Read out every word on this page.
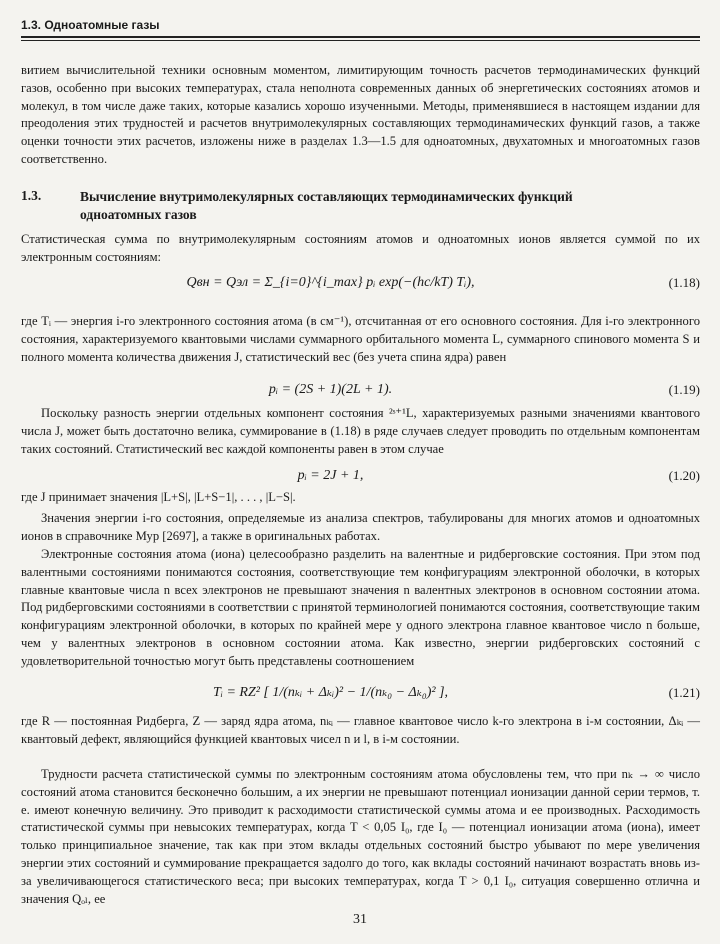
1.3. Одноатомные газы

витием вычислительной техники основным моментом, лимитирующим точность расчетов термодинамических функций газов, особенно при высоких температурах, стала неполнота современных данных об энергетических состояниях атомов и молекул, в том числе даже таких, которые казались хорошо изученными. Методы, применявшиеся в настоящем издании для преодоления этих трудностей и расчетов внутримолекулярных составляющих термодинамических функций газов, а также оценки точности этих расчетов, изложены ниже в разделах 1.3—1.5 для одноатомных, двухатомных и многоатомных газов соответственно.

1.3.	Вычисление внутримолекулярных составляющих термодинамических функций одноатомных газов

Статистическая сумма по внутримолекулярным состояниям атомов и одноатомных ионов является суммой по их электронным состояниям:

Qвн = Qэл = Σ_{i=0}^{i_max} pᵢ exp(−(hc/kT) Tᵢ),	(1.18)

где Tᵢ — энергия i-го электронного состояния атома (в см⁻¹), отсчитанная от его основного состояния. Для i-го электронного состояния, характеризуемого квантовыми числами суммарного орбитального момента L, суммарного спинового момента S и полного момента количества движения J, статистический вес (без учета спина ядра) равен

pᵢ = (2S + 1)(2L + 1).	(1.19)

Поскольку разность энергии отдельных компонент состояния ²ˢ⁺¹L, характеризуемых разными значениями квантового числа J, может быть достаточно велика, суммирование в (1.18) в ряде случаев следует проводить по отдельным компонентам таких состояний. Статистический вес каждой компоненты равен в этом случае

pᵢ = 2J + 1,	(1.20)

где J принимает значения |L+S|, |L+S−1|, . . . , |L−S|.

Значения энергии i-го состояния, определяемые из анализа спектров, табулированы для многих атомов и одноатомных ионов в справочнике Мур [2697], а также в оригинальных работах.

Электронные состояния атома (иона) целесообразно разделить на валентные и ридберговские состояния. При этом под валентными состояниями понимаются состояния, соответствующие тем конфигурациям электронной оболочки, в которых главные квантовые числа n всех электронов не превышают значения n валентных электронов в основном состоянии атома. Под ридберговскими состояниями в соответствии с принятой терминологией понимаются состояния, соответствующие таким конфигурациям электронной оболочки, в которых по крайней мере у одного электрона главное квантовое число n больше, чем у валентных электронов в основном состоянии атома. Как известно, энергии ридберговских состояний с удовлетворительной точностью могут быть представлены соотношением

Tᵢ = RZ² [ 1/(nₖᵢ + Δₖᵢ)² − 1/(nₖ₀ − Δₖ₀)² ],	(1.21)

где R — постоянная Ридберга, Z — заряд ядра атома, nₖᵢ — главное квантовое число k-го электрона в i-м состоянии, Δₖᵢ — квантовый дефект, являющийся функцией квантовых чисел n и l, в i-м состоянии.

Трудности расчета статистической суммы по электронным состояниям атома обусловлены тем, что при nₖ → ∞ число состояний атома становится бесконечно большим, а их энергии не превышают потенциал ионизации данной серии термов, т. е. имеют конечную величину. Это приводит к расходимости статистической суммы атома и ее производных. Расходимость статистической суммы при невысоких температурах, когда T < 0,05 I₀, где I₀ — потенциал ионизации атома (иона), имеет только принципиальное значение, так как при этом вклады отдельных состояний быстро убывают по мере увеличения энергии этих состояний и суммирование прекращается задолго до того, как вклады состояний начинают возрастать вновь из-за увеличивающегося статистического веса; при высоких температурах, когда T > 0,1 I₀, ситуация совершенно отлична и значения Qₒₗ, ее

31
